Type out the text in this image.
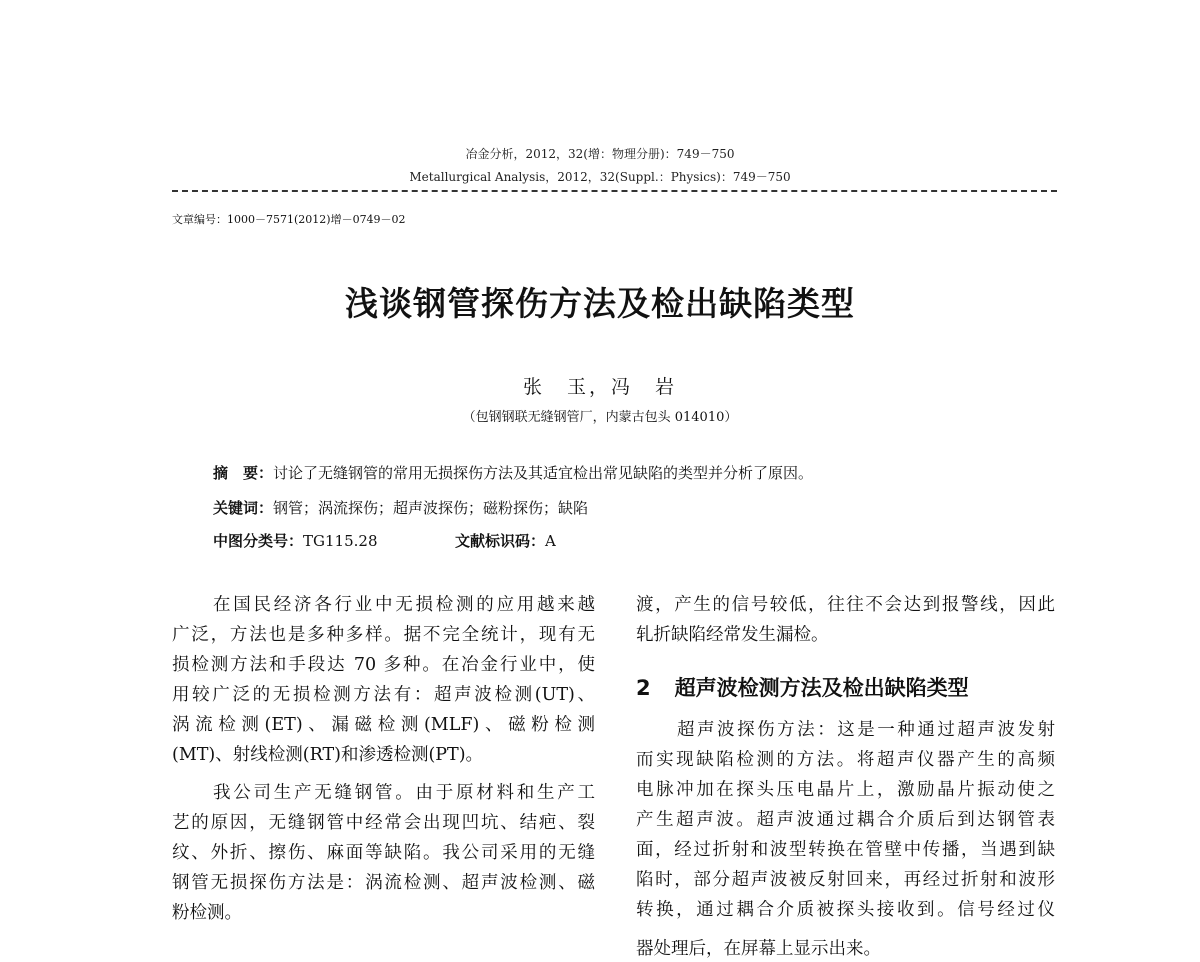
冶金分析，2012，32(增：物理分册)：749－750
Metallurgical Analysis，2012，32(Suppl.：Physics)：749－750
文章编号：1000－7571(2012)增－0749－02
浅谈钢管探伤方法及检出缺陷类型
张　玉，冯　岩
（包钢钢联无缝钢管厂，内蒙古包头 014010）
摘　要：讨论了无缝钢管的常用无损探伤方法及其适宜检出常见缺陷的类型并分析了原因。
关键词：钢管；涡流探伤；超声波探伤；磁粉探伤；缺陷
中图分类号：TG115.28	文献标识码：A
在国民经济各行业中无损检测的应用越来越
广泛，方法也是多种多样。据不完全统计，现有无
损检测方法和手段达 70 多种。在冶金行业中，使
用较广泛的无损检测方法有：超声波检测(UT)、
涡流检测(ET)、漏磁检测(MLF)、磁粉检测
(MT)、射线检测(RT)和渗透检测(PT)。
我公司生产无缝钢管。由于原材料和生产工
艺的原因，无缝钢管中经常会出现凹坑、结疤、裂
纹、外折、擦伤、麻面等缺陷。我公司采用的无缝
钢管无损探伤方法是：涡流检测、超声波检测、磁
粉检测。
渡，产生的信号较低，往往不会达到报警线，因此
轧折缺陷经常发生漏检。
2 超声波检测方法及检出缺陷类型
超声波探伤方法：这是一种通过超声波发射
而实现缺陷检测的方法。将超声仪器产生的高频
电脉冲加在探头压电晶片上，激励晶片振动使之
产生超声波。超声波通过耦合介质后到达钢管表
面，经过折射和波型转换在管壁中传播，当遇到缺
陷时，部分超声波被反射回来，再经过折射和波形
转换，通过耦合介质被探头接收到。信号经过仪
器处理后，在屏幕上显示出来。
